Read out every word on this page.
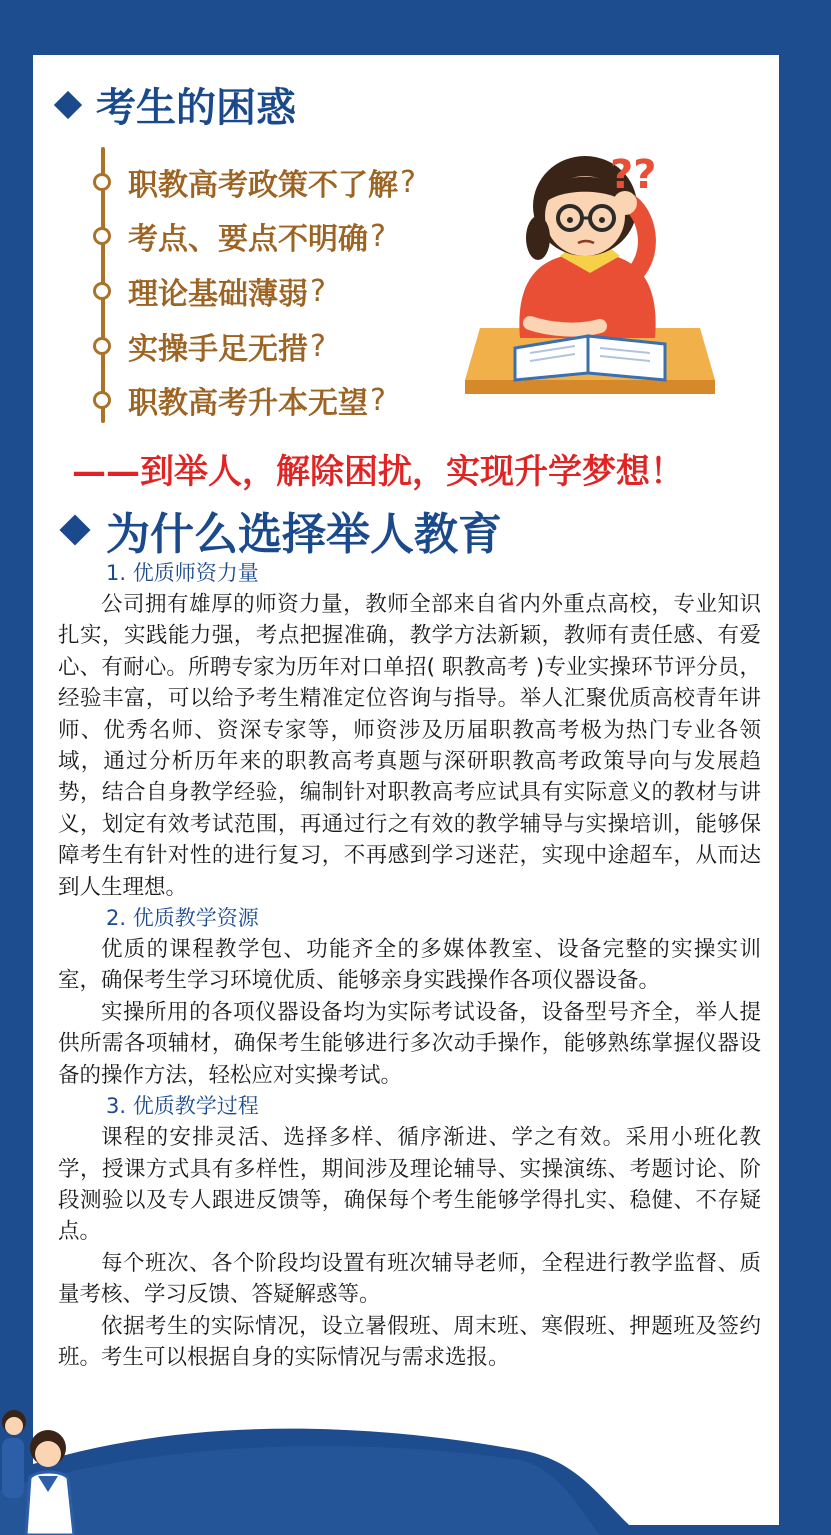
考生的困惑
职教高考政策不了解 ?
考点、要点不明确 ?
理论基础薄弱 ?
实操手足无措 ?
职教高考升本无望 ?
??
——到举人，解除困扰，实现升学梦想！
为什么选择举人教育
1. 优质师资力量

公司拥有雄厚的师资力量，教师全部来自省内外重点高校，专业知识扎实，实践能力强，考点把握准确，教学方法新颖，教师有责任感、有爱心、有耐心。所聘专家为历年对口单招( 职教高考 )专业实操环节评分员，经验丰富，可以给予考生精准定位咨询与指导。举人汇聚优质高校青年讲师、优秀名师、资深专家等，师资涉及历届职教高考极为热门专业各领域，通过分析历年来的职教高考真题与深研职教高考政策导向与发展趋势，结合自身教学经验，编制针对职教高考应试具有实际意义的教材与讲义，划定有效考试范围，再通过行之有效的教学辅导与实操培训，能够保障考生有针对性的进行复习，不再感到学习迷茫，实现中途超车，从而达到人生理想。

2. 优质教学资源

优质的课程教学包、功能齐全的多媒体教室、设备完整的实操实训室，确保考生学习环境优质、能够亲身实践操作各项仪器设备。

实操所用的各项仪器设备均为实际考试设备，设备型号齐全，举人提供所需各项辅材，确保考生能够进行多次动手操作，能够熟练掌握仪器设备的操作方法，轻松应对实操考试。

3. 优质教学过程

课程的安排灵活、选择多样、循序渐进、学之有效。采用小班化教学，授课方式具有多样性，期间涉及理论辅导、实操演练、考题讨论、阶段测验以及专人跟进反馈等，确保每个考生能够学得扎实、稳健、不存疑点。

每个班次、各个阶段均设置有班次辅导老师，全程进行教学监督、质量考核、学习反馈、答疑解惑等。

依据考生的实际情况，设立暑假班、周末班、寒假班、押题班及签约班。考生可以根据自身的实际情况与需求选报。
